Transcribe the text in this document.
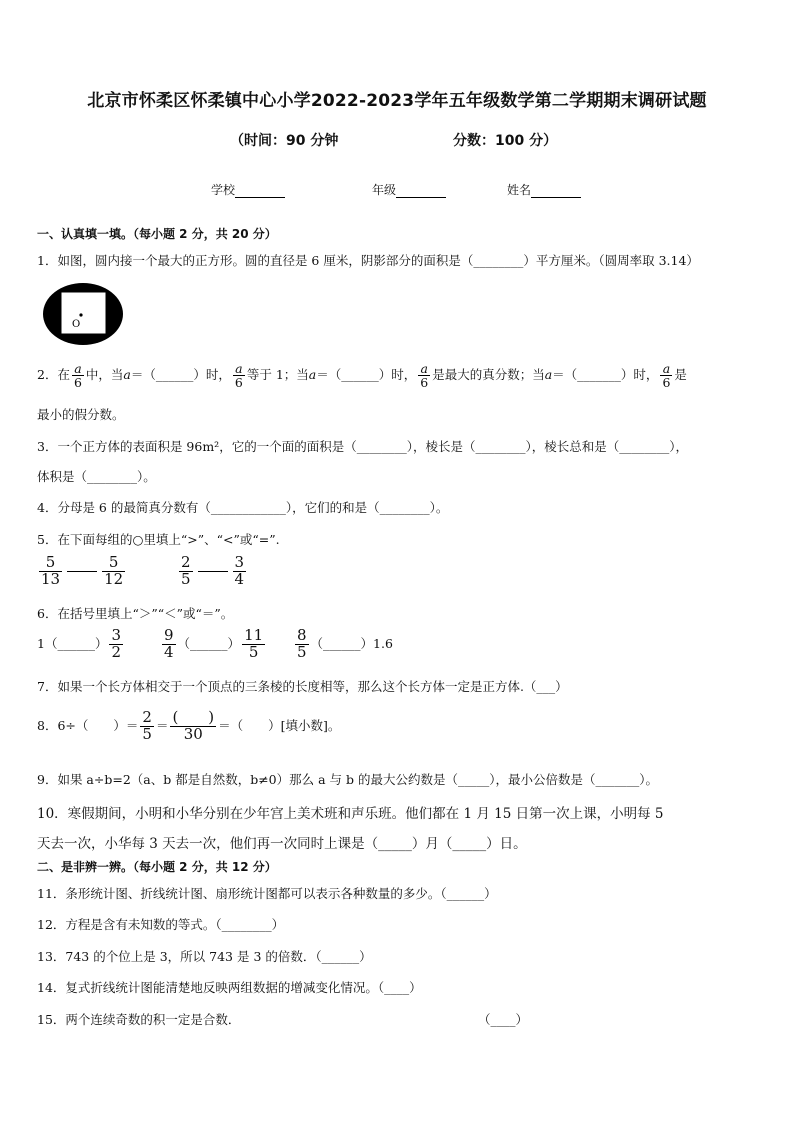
北京市怀柔区怀柔镇中心小学2022-2023学年五年级数学第二学期期末调研试题
（时间：90 分钟	分数：100 分）
学校	年级	姓名
一、认真填一填。（每小题 2 分，共 20 分）
1．如图，圆内接一个最大的正方形。圆的直径是 6 厘米，阴影部分的面积是（________）平方厘米。（圆周率取 3.14）
O
2．在 $\frac{a}{6}$ 中，当a＝（______）时， $\frac{a}{6}$ 等于 1；当a＝（______）时， $\frac{a}{6}$ 是最大的真分数；当a＝（_______）时， $\frac{a}{6}$ 是
最小的假分数。
3．一个正方体的表面积是 96m²，它的一个面的面积是（________），棱长是（________），棱长总和是（________），
体积是（________）。
4．分母是 6 的最简真分数有（____________），它们的和是（________）。
5．在下面每组的○里填上“>”、“<”或“=”.
$\frac{5}{13}$	$\frac{5}{12}$	$\frac{2}{5}$	$\frac{3}{4}$
6．在括号里填上“＞”“＜”或“＝”。
1（______） $\frac{3}{2}$	$\frac{9}{4}$ （______） $\frac{11}{5} \frac{8}{5}$ （______）1.6
7．如果一个长方体相交于一个顶点的三条棱的长度相等，那么这个长方体一定是正方体.（___）
8．6÷（　　）＝ $\frac{2}{5} = \frac{( )}{30}$ ＝（　　）[填小数]。
9．如果 a÷b=2（a、b 都是自然数，b≠0）那么 a 与 b 的最大公约数是（_____），最小公倍数是（_______）。
10．寒假期间，小明和小华分别在少年宫上美术班和声乐班。他们都在 1 月 15 日第一次上课，小明每 5
天去一次，小华每 3 天去一次，他们再一次同时上课是（_____）月（_____）日。
二、是非辨一辨。（每小题 2 分，共 12 分）
11．条形统计图、折线统计图、扇形统计图都可以表示各种数量的多少。（______）
12．方程是含有未知数的等式。（________）
13．743 的个位上是 3，所以 743 是 3 的倍数．（______）
14．复式折线统计图能清楚地反映两组数据的增减变化情况。（____）
15．两个连续奇数的积一定是合数．	（____）
